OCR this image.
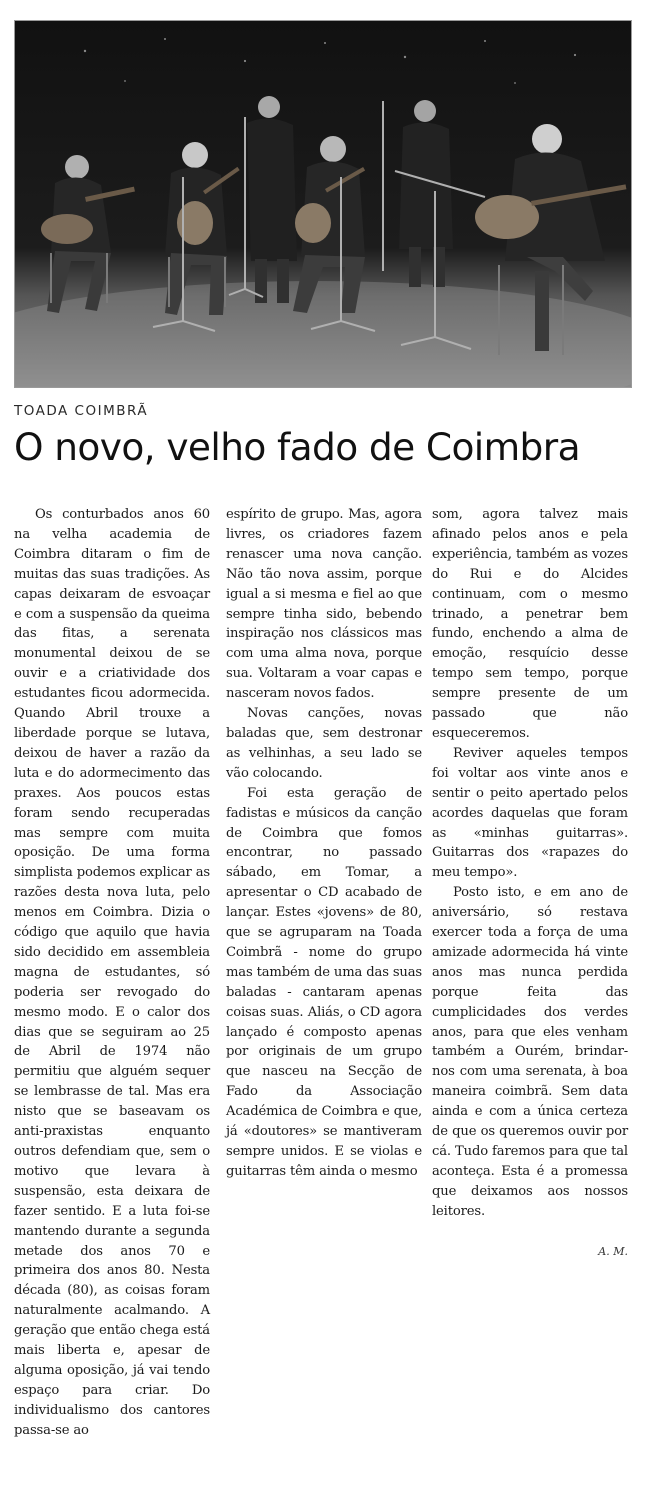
TOADA COIMBRÃ
O novo, velho fado de Coimbra

Os conturbados anos 60 na velha academia de Coimbra ditaram o fim de muitas das suas tradições. As capas deixaram de esvoaçar e com a suspensão da queima das fitas, a serenata monumental deixou de se ouvir e a criatividade dos estudantes ficou adormecida. Quando Abril trouxe a liberdade porque se lutava, deixou de haver a razão da luta e do adormecimento das praxes. Aos poucos estas foram sendo recuperadas mas sempre com muita oposição. De uma forma simplista podemos explicar as razões desta nova luta, pelo menos em Coimbra. Dizia o código que aquilo que havia sido decidido em assembleia magna de estudantes, só poderia ser revogado do mesmo modo. E o calor dos dias que se seguiram ao 25 de Abril de 1974 não permitiu que alguém sequer se lembrasse de tal. Mas era nisto que se baseavam os anti-praxistas enquanto outros defendiam que, sem o motivo que levara à suspensão, esta deixara de fazer sentido. E a luta foi-se mantendo durante a segunda metade dos anos 70 e primeira dos anos 80. Nesta década (80), as coisas foram naturalmente acalmando. A geração que então chega está mais liberta e, apesar de alguma oposição, já vai tendo espaço para criar. Do individualismo dos cantores passa-se ao

espírito de grupo. Mas, agora livres, os criadores fazem renascer uma nova canção. Não tão nova assim, porque igual a si mesma e fiel ao que sempre tinha sido, bebendo inspiração nos clássicos mas com uma alma nova, porque sua. Voltaram a voar capas e nasceram novos fados.

Novas canções, novas baladas que, sem destronar as velhinhas, a seu lado se vão colocando.

Foi esta geração de fadistas e músicos da canção de Coimbra que fomos encontrar, no passado sábado, em Tomar, a apresentar o CD acabado de lançar. Estes «jovens» de 80, que se agruparam na Toada Coimbrã - nome do grupo mas também de uma das suas baladas - cantaram apenas coisas suas. Aliás, o CD agora lançado é composto apenas por originais de um grupo que nasceu na Secção de Fado da Associação Académica de Coimbra e que, já «doutores» se mantiveram sempre unidos. E se violas e guitarras têm ainda o mesmo

som, agora talvez mais afinado pelos anos e pela experiência, também as vozes do Rui e do Alcides continuam, com o mesmo trinado, a penetrar bem fundo, enchendo a alma de emoção, resquício desse tempo sem tempo, porque sempre presente de um passado que não esqueceremos.

Reviver aqueles tempos foi voltar aos vinte anos e sentir o peito apertado pelos acordes daquelas que foram as «minhas guitarras». Guitarras dos «rapazes do meu tempo».

Posto isto, e em ano de aniversário, só restava exercer toda a força de uma amizade adormecida há vinte anos mas nunca perdida porque feita das cumplicidades dos verdes anos, para que eles venham também a Ourém, brindar-nos com uma serenata, à boa maneira coimbrã. Sem data ainda e com a única certeza de que os queremos ouvir por cá. Tudo faremos para que tal aconteça. Esta é a promessa que deixamos aos nossos leitores.

A. M.
